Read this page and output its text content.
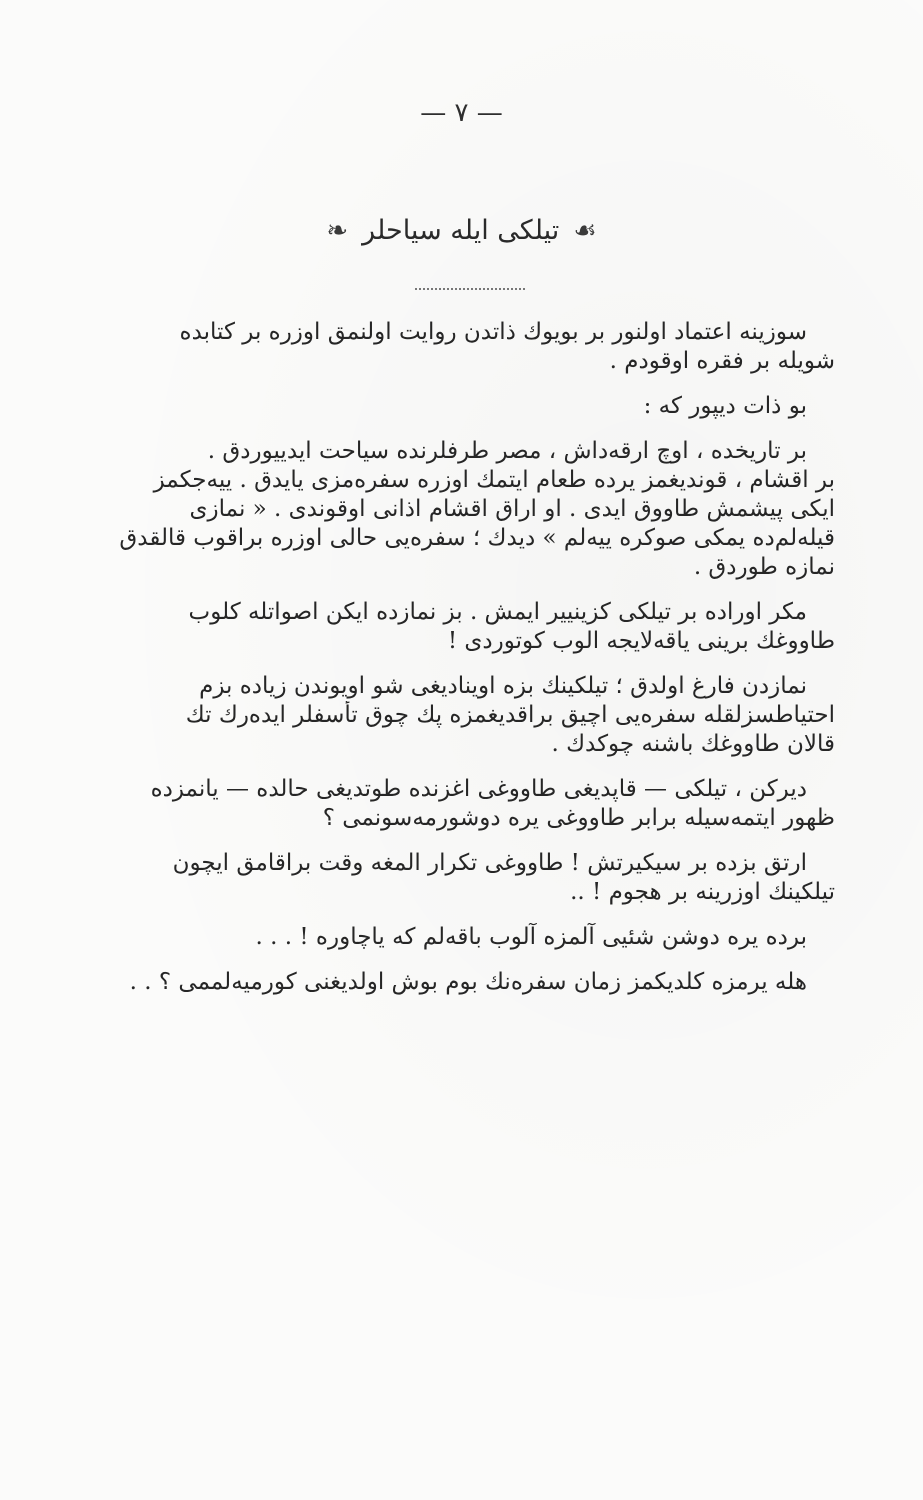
— ۷ —
❧ تیلکی ایله سیاحلر ☙
سوزینه اعتماد اولنور بر بویوك ذاتدن روایت اولنمق اوزره بر کتابده
شویله بر فقره اوقودم .
بو ذات دیپور که :
بر تاریخده ، اوچ ارقه‌داش ، مصر طرفلرنده سیاحت ایدییوردق .
بر اقشام ، قوندیغمز یرده طعام ایتمك اوزره سفره‌مزی یایدق . ییه‌جکمز
ایکی پیشمش طاووق ایدی . او اراق اقشام اذانی اوقوندی . « نمازی
قیله‌لم‌ده یمکی صوکره ییه‌لم » دیدك ؛ سفره‌یی حالی اوزره براقوب قالقدق
نمازه طوردق .
مکر اوراده بر تیلکی کزینییر ایمش . بز نمازده ایکن اصواتله کلوب
طاووغك برینی یاقه‌لایجه الوب کوتوردی !
نمازدن فارغ اولدق ؛ تیلکینك بزه اوینادیغی شو اویوندن زیاده بزم
احتیاطسزلقله سفره‌یی اچیق براقدیغمزه پك چوق تأسفلر ایده‌رك تك
قالان طاووغك باشنه چوکدك .
دیرکن ، تیلکی — قاپدیغی طاووغی اغزنده طوتدیغی حالده — یانمزده
ظهور ایتمه‌سیله برابر طاووغی یره دوشورمه‌سونمی ؟
ارتق بزده بر سیکیرتش ! طاووغی تکرار المغه وقت براقامق ایچون
تیلکینك اوزرینه بر هجوم ! ..
برده یره دوشن شئیی آلمزه آلوب باقه‌لم که یاچاوره ! . . .
هله یرمزه کلدیکمز زمان سفره‌نك بوم بوش اولدیغنی کورمیه‌لممی ؟ . .
